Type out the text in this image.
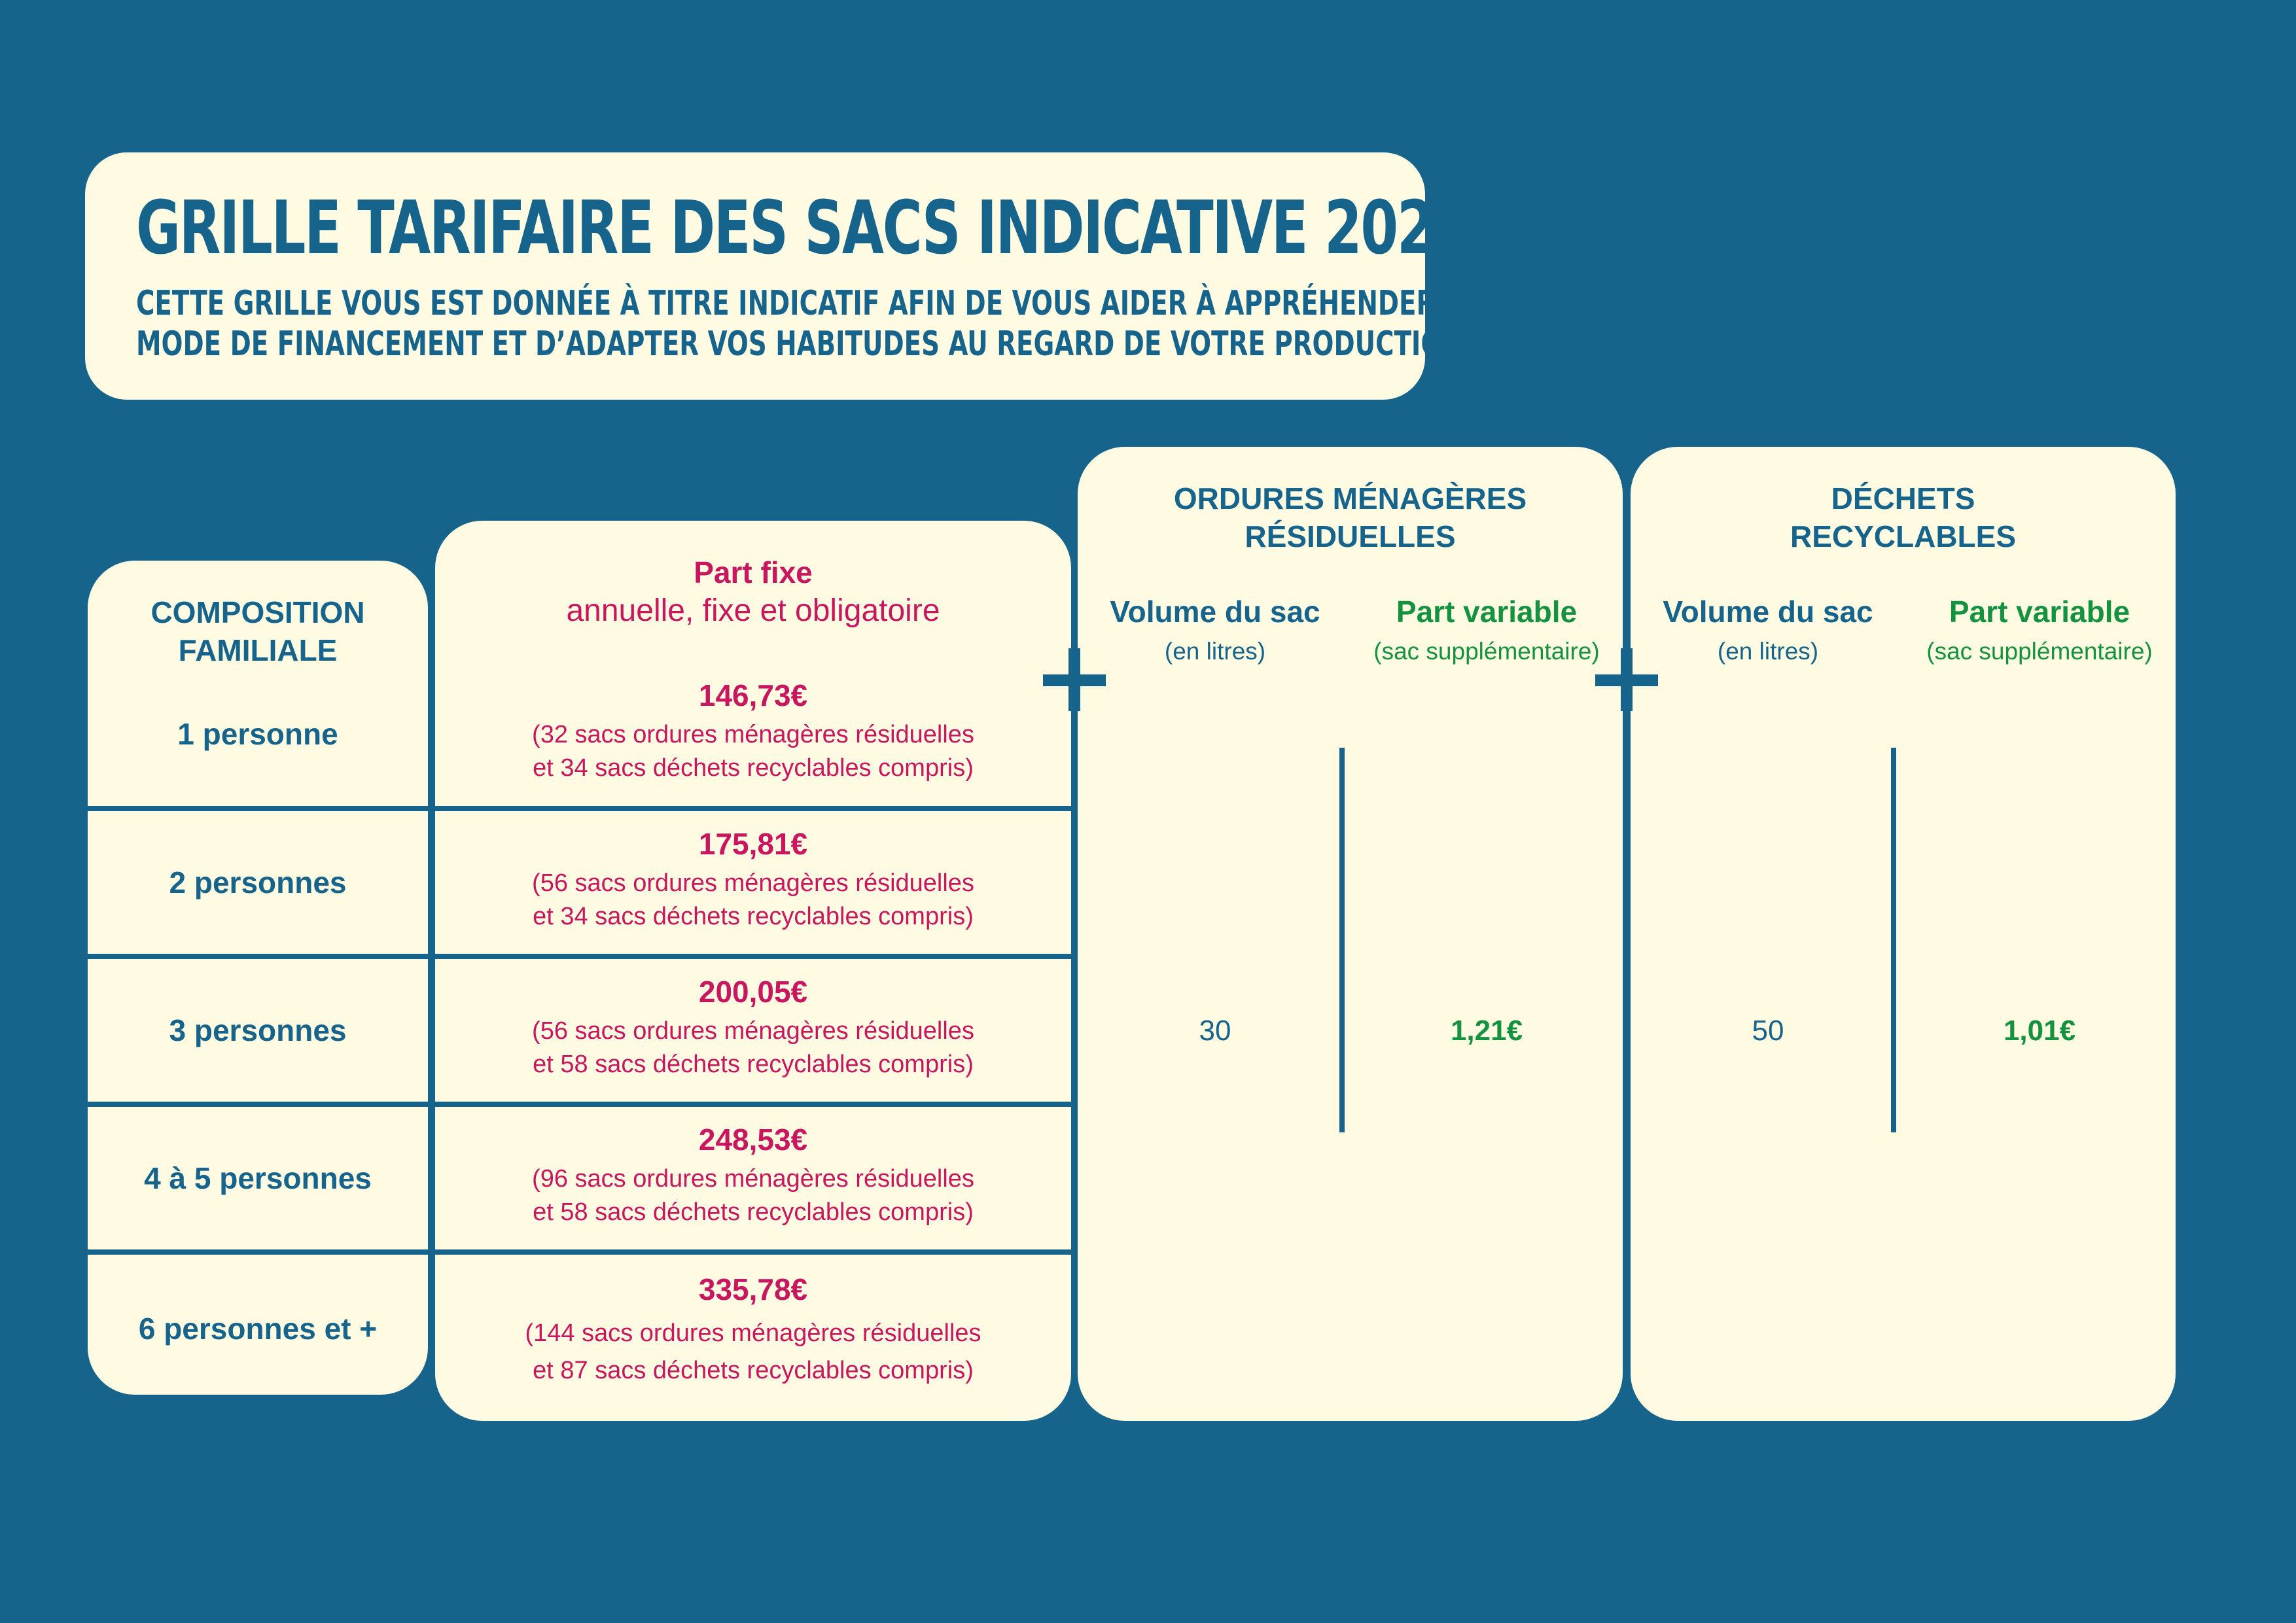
GRILLE TARIFAIRE DES SACS INDICATIVE 2022
CETTE GRILLE VOUS EST DONNÉE À TITRE INDICATIF AFIN DE VOUS AIDER À APPRÉHENDER CE NOUVEAU
MODE DE FINANCEMENT ET D’ADAPTER VOS HABITUDES AU REGARD DE VOTRE PRODUCTION DE DÉCHETS
COMPOSITION
FAMILIALE
Part fixe
annuelle, fixe et obligatoire
1 personne
2 personnes
3 personnes
4 à 5 personnes
6 personnes et +
146,73€
(32 sacs ordures ménagères résiduelles
et 34 sacs déchets recyclables compris)
175,81€
(56 sacs ordures ménagères résiduelles
et 34 sacs déchets recyclables compris)
200,05€
(56 sacs ordures ménagères résiduelles
et 58 sacs déchets recyclables compris)
248,53€
(96 sacs ordures ménagères résiduelles
et 58 sacs déchets recyclables compris)
335,78€
(144 sacs ordures ménagères résiduelles
et 87 sacs déchets recyclables compris)
ORDURES MÉNAGÈRES
RÉSIDUELLES
Volume du sac
(en litres)
Part variable
(sac supplémentaire)
30	1,21€
DÉCHETS
RECYCLABLES
Volume du sac
(en litres)
Part variable
(sac supplémentaire)
50	1,01€
